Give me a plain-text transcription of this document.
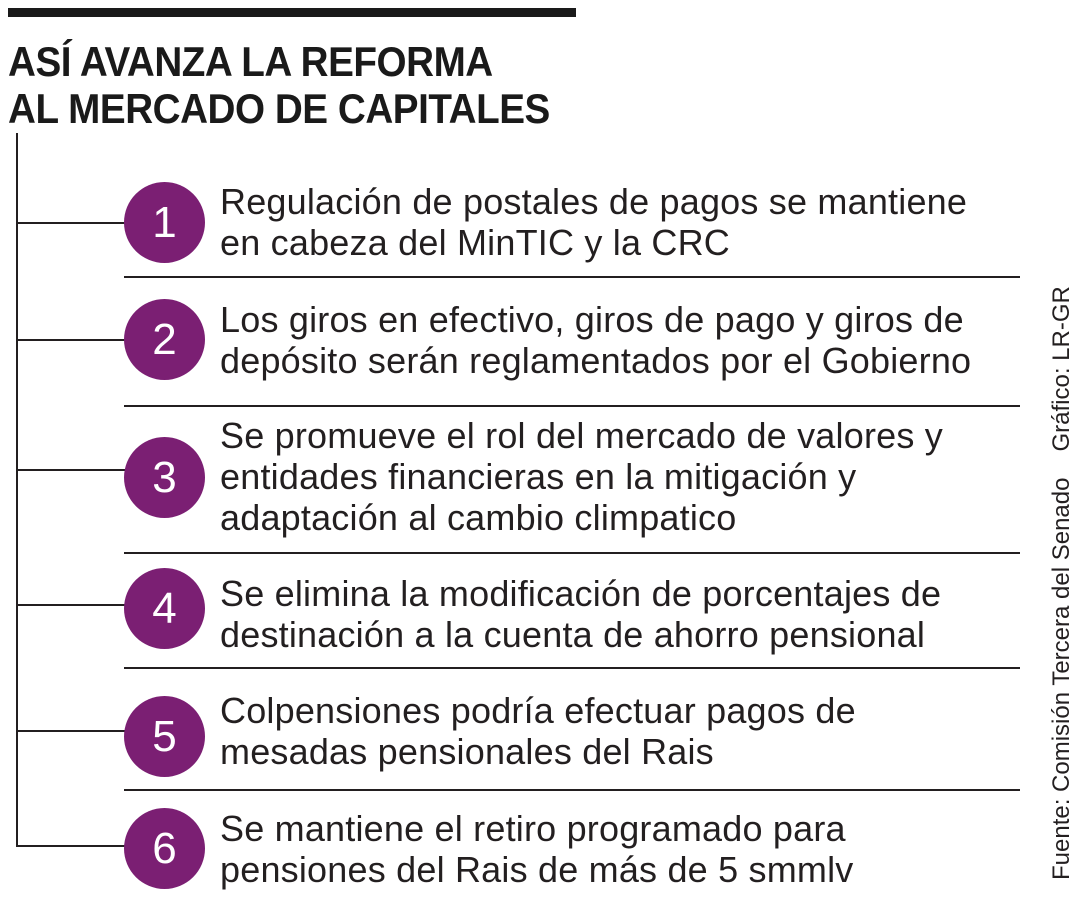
ASÍ AVANZA LA REFORMA
AL MERCADO DE CAPITALES
1	Regulación de postales de pagos se mantiene
en cabeza del MinTIC y la CRC
2	Los giros en efectivo, giros de pago y giros de
depósito serán reglamentados por el Gobierno
3
Se promueve el rol del mercado de valores y
entidades financieras en la mitigación y
adaptación al cambio climpatico
4	Se elimina la modificación de porcentajes de
destinación a la cuenta de ahorro pensional
5
Colpensiones podría efectuar pagos de
mesadas pensionales del Rais
6	Se mantiene el retiro programado para
pensiones del Rais de más de 5 smmlv	Fuente: Comisión Tercera del SenadoGráfico: LR-GR
